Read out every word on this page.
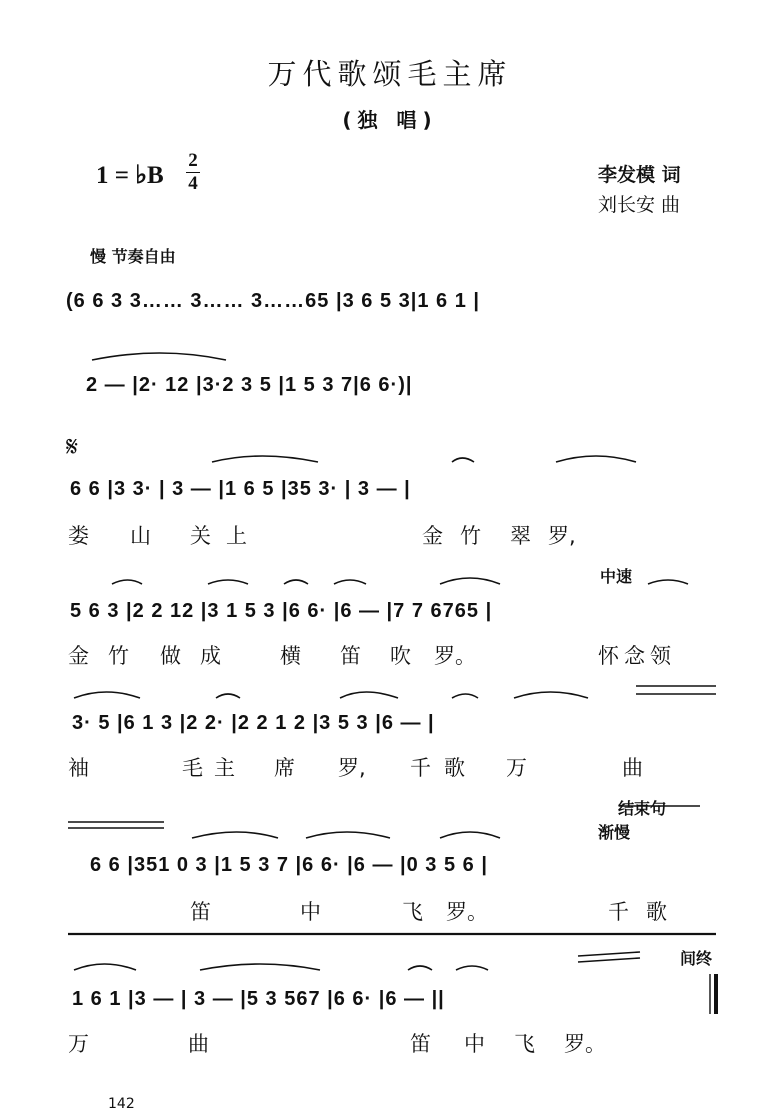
万代歌颂毛主席
(独 唱)
1 = ♭B
2
4	李发模 词
刘长安 曲
慢 节奏自由
𝄋
中速
结束句
渐慢
间终
(6 6 3 3…… 3…… 3……65 |3 6 5 3|1 6 1 |
2 — |2· 12 |3·2 3 5 |1 5 3 7|6 6·)|
6 6 |3 3· | 3 — |1 6 5 |35 3· | 3 — |
5 6 3 |2 2 12 |3 1 5 3 |6 6· |6 — |7 7 6765 |
3· 5 |6 1 3 |2 2· |2 2 1 2 |3 5 3 |6 — |
6 6 |351 0 3 |1 5 3 7 |6 6· |6 — |0 3 5 6 |
1 6 1 |3 — | 3 — |5 3 567 |6 6· |6 — ||
娄 山 关 上	金 竹 翠 罗,
金 竹 做 成	横 笛 吹 罗。	怀 念 领
袖	毛 主 席 罗, 千 歌 万	曲
笛	中	飞 罗。	千 歌
万	曲	笛 中 飞 罗。
142
